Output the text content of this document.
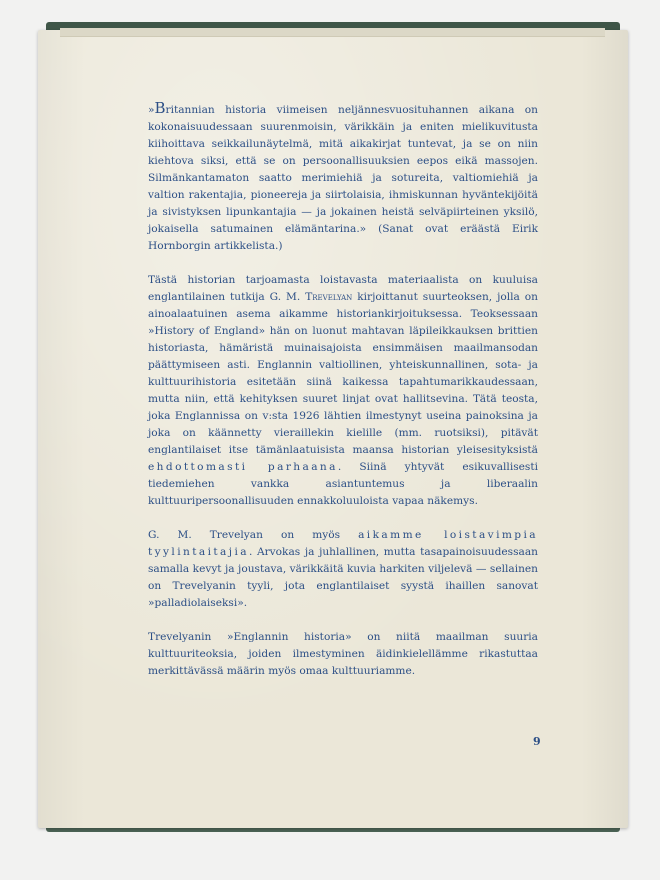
»Britannian historia viimeisen neljännesvuosituhannen aikana on kokonaisuudessaan suurenmoisin, värikkäin ja eniten mielikuvitusta kiihoittava seikkailunäytelmä, mitä aikakirjat tuntevat, ja se on niin kiehtova siksi, että se on persoonallisuuksien eepos eikä massojen. Silmänkantamaton saatto merimiehiä ja sotureita, valtiomiehiä ja valtion rakentajia, pioneereja ja siirtolaisia, ihmiskunnan hyväntekijöitä ja sivistyksen lipunkantajia — ja jokainen heistä selväpiirteinen yksilö, jokaisella satumainen elämäntarina.» (Sanat ovat eräästä Eirik Hornborgin artikkelista.)

Tästä historian tarjoamasta loistavasta materiaalista on kuuluisa englantilainen tutkija G. M. Trevelyan kirjoittanut suurteoksen, jolla on ainoalaatuinen asema aikamme historiankirjoituksessa. Teoksessaan »History of England» hän on luonut mahtavan läpileikkauksen brittien historiasta, hämäristä muinaisajoista ensimmäisen maailmansodan päättymiseen asti. Englannin valtiollinen, yhteiskunnallinen, sota- ja kulttuurihistoria esitetään siinä kaikessa tapahtumarikkaudessaan, mutta niin, että kehityksen suuret linjat ovat hallitsevina. Tätä teosta, joka Englannissa on v:sta 1926 lähtien ilmestynyt useina painoksina ja joka on käännetty vieraillekin kielille (mm. ruotsiksi), pitävät englantilaiset itse tämänlaatuisista maansa historian yleisesityksistä ehdottomasti parhaana. Siinä yhtyvät esikuvallisesti tiedemiehen vankka asiantuntemus ja liberaalin kulttuuripersoonallisuuden ennakkoluuloista vapaa näkemys.

G. M. Trevelyan on myös aikamme loistavimpia tyylintaitajia. Arvokas ja juhlallinen, mutta tasapainoisuudessaan samalla kevyt ja joustava, värikkäitä kuvia harkiten viljelevä — sellainen on Trevelyanin tyyli, jota englantilaiset syystä ihaillen sanovat »palladiolaiseksi».

Trevelyanin »Englannin historia» on niitä maailman suuria kulttuuriteoksia, joiden ilmestyminen äidinkielellämme rikastuttaa merkittävässä määrin myös omaa kulttuuriamme.

9
